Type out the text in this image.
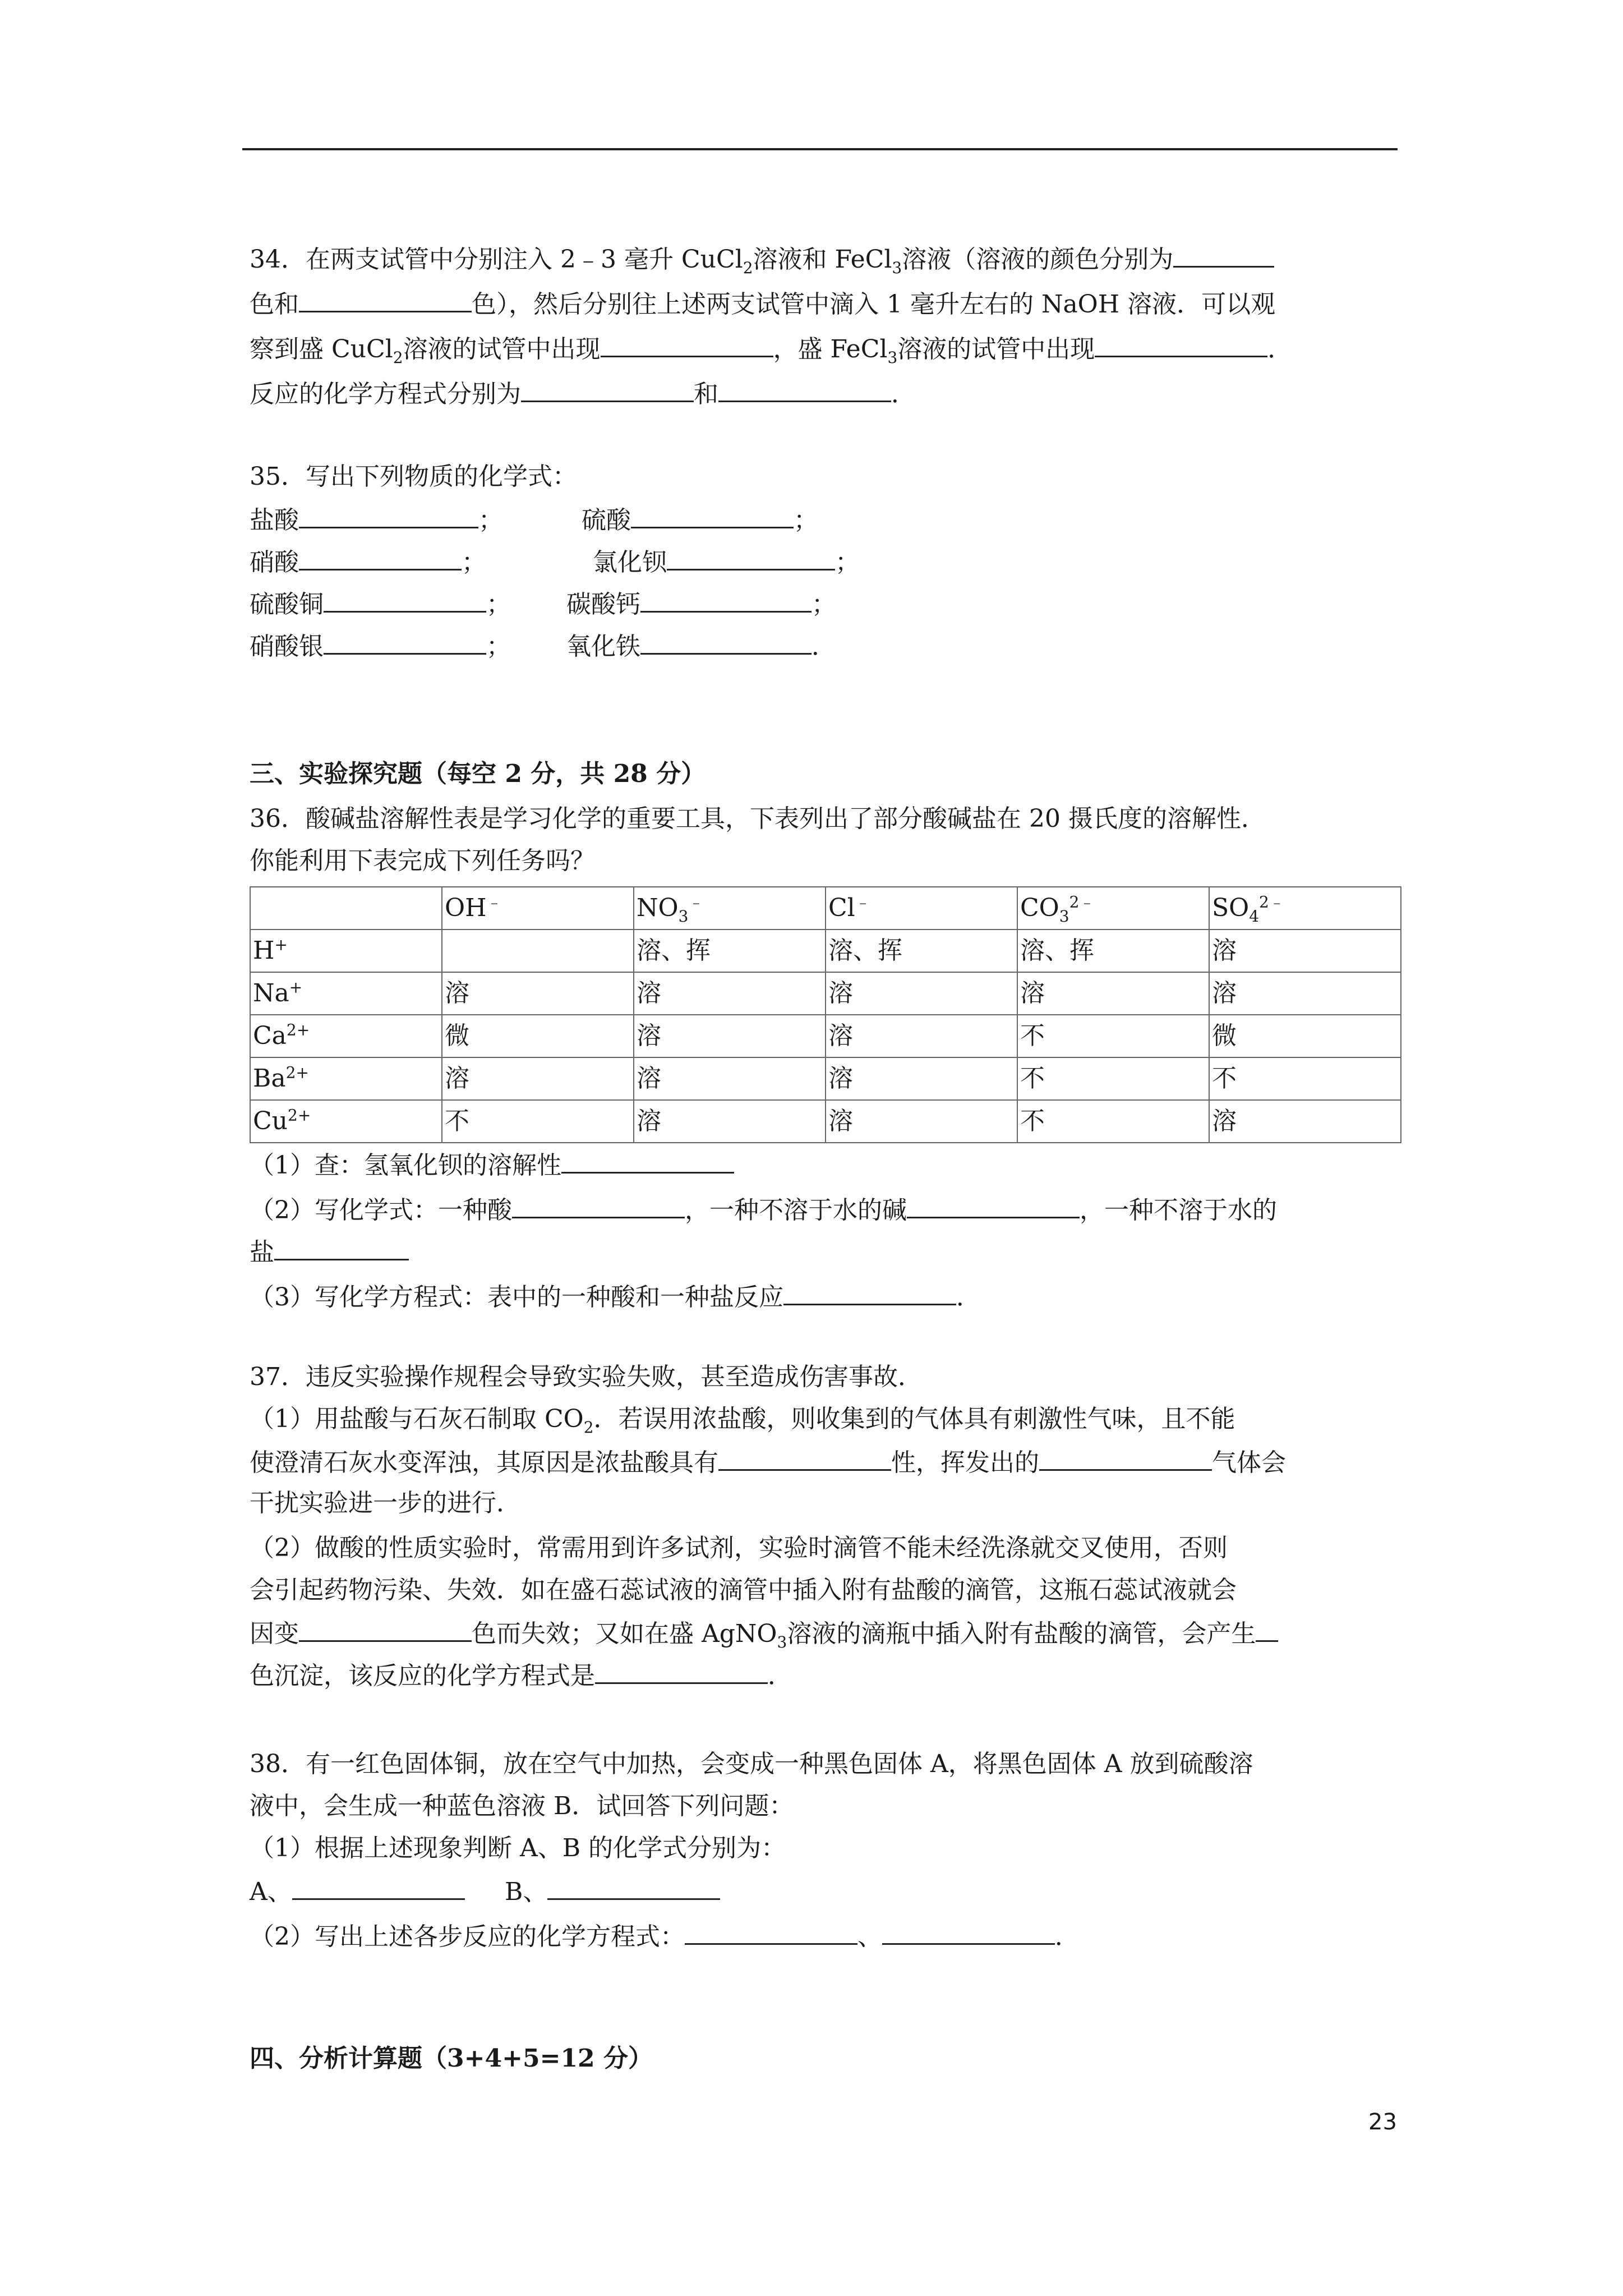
34．在两支试管中分别注入 2﹣3 毫升 CuCl$_2$溶液和 FeCl$_3$溶液（溶液的颜色分别为
色和	色），然后分别往上述两支试管中滴入 1 毫升左右的 NaOH 溶液．可以观
察到盛 CuCl$_2$溶液的试管中出现	，盛 FeCl$_3$溶液的试管中出现	．
反应的化学方程式分别为	和	．
35．写出下列物质的化学式：
盐酸	；	硫酸	；
硝酸	；	氯化钡	；
硫酸铜	； 碳酸钙	；
硝酸银	； 氧化铁	．
三、实验探究题（每空 2 分，共 28 分）
36．酸碱盐溶解性表是学习化学的重要工具，下表列出了部分酸碱盐在 20 摄氏度的溶解性．
你能利用下表完成下列任务吗？
	OH﹣	$NO_3^﹣$	Cl﹣	$CO_3^{2﹣}$	$SO_4^{2﹣}$
H+		溶、挥	溶、挥	溶、挥	溶
Na+	溶	溶	溶	溶	溶
$Ca^{2+}$	微	溶	溶	不	微
$Ba^{2+}$	溶	溶	溶	不	不
$Cu^{2+}$	不	溶	溶	不	溶
（1）查：氢氧化钡的溶解性
（2）写化学式：一种酸	，一种不溶于水的碱	，一种不溶于水的
盐
（3）写化学方程式：表中的一种酸和一种盐反应	．
37．违反实验操作规程会导致实验失败，甚至造成伤害事故．
（1）用盐酸与石灰石制取 $CO_2$．若误用浓盐酸，则收集到的气体具有刺激性气味，且不能
使澄清石灰水变浑浊，其原因是浓盐酸具有	性，挥发出的	气体会
干扰实验进一步的进行．
（2）做酸的性质实验时，常需用到许多试剂，实验时滴管不能未经洗涤就交叉使用，否则
会引起药物污染、失效．如在盛石蕊试液的滴管中插入附有盐酸的滴管，这瓶石蕊试液就会
因变	色而失效；又如在盛 AgNO$_3$溶液的滴瓶中插入附有盐酸的滴管，会产生
色沉淀，该反应的化学方程式是	．
38．有一红色固体铜，放在空气中加热，会变成一种黑色固体 A，将黑色固体 A 放到硫酸溶
液中，会生成一种蓝色溶液 B．试回答下列问题：
（1）根据上述现象判断 A、B 的化学式分别为：
A、	B、
（2）写出上述各步反应的化学方程式：	、	．
四、分析计算题（3+4+5=12 分）
23
